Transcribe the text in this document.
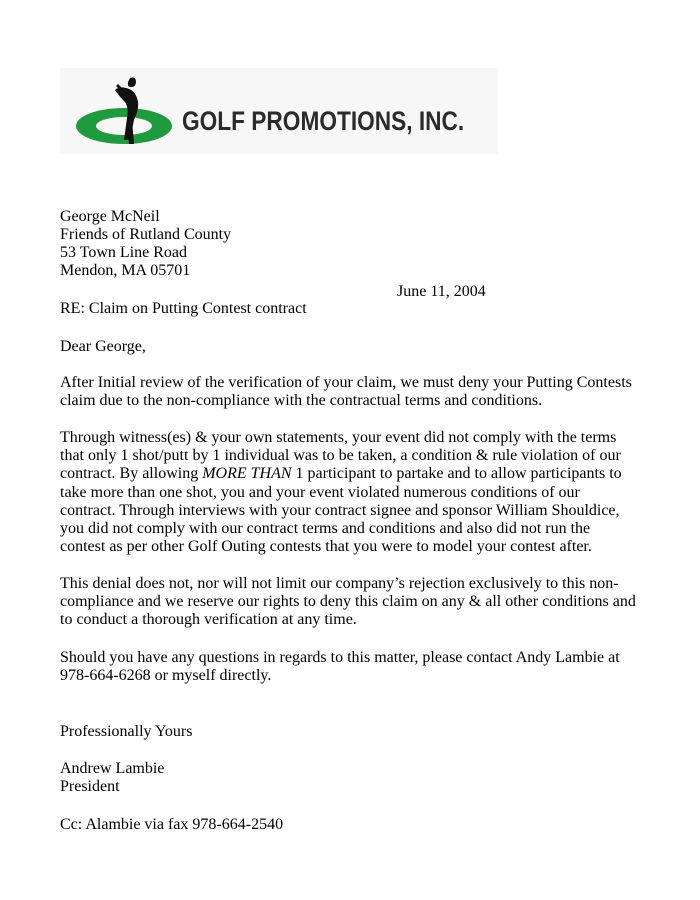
GOLF PROMOTIONS, INC.
George McNeil
Friends of Rutland County
53 Town Line Road
Mendon, MA 05701
June 11, 2004
RE: Claim on Putting Contest contract
Dear George,
After Initial review of the verification of your claim, we must deny your Putting Contests
claim due to the non-compliance with the contractual terms and conditions.
Through witness(es) & your own statements, your event did not comply with the terms
that only 1 shot/putt by 1 individual was to be taken, a condition & rule violation of our
contract. By allowing MORE THAN 1 participant to partake and to allow participants to
take more than one shot, you and your event violated numerous conditions of our
contract. Through interviews with your contract signee and sponsor William Shouldice,
you did not comply with our contract terms and conditions and also did not run the
contest as per other Golf Outing contests that you were to model your contest after.
This denial does not, nor will not limit our company’s rejection exclusively to this non-
compliance and we reserve our rights to deny this claim on any & all other conditions and
to conduct a thorough verification at any time.
Should you have any questions in regards to this matter, please contact Andy Lambie at
978-664-6268 or myself directly.
Professionally Yours
Andrew Lambie
President
Cc: Alambie via fax 978-664-2540
